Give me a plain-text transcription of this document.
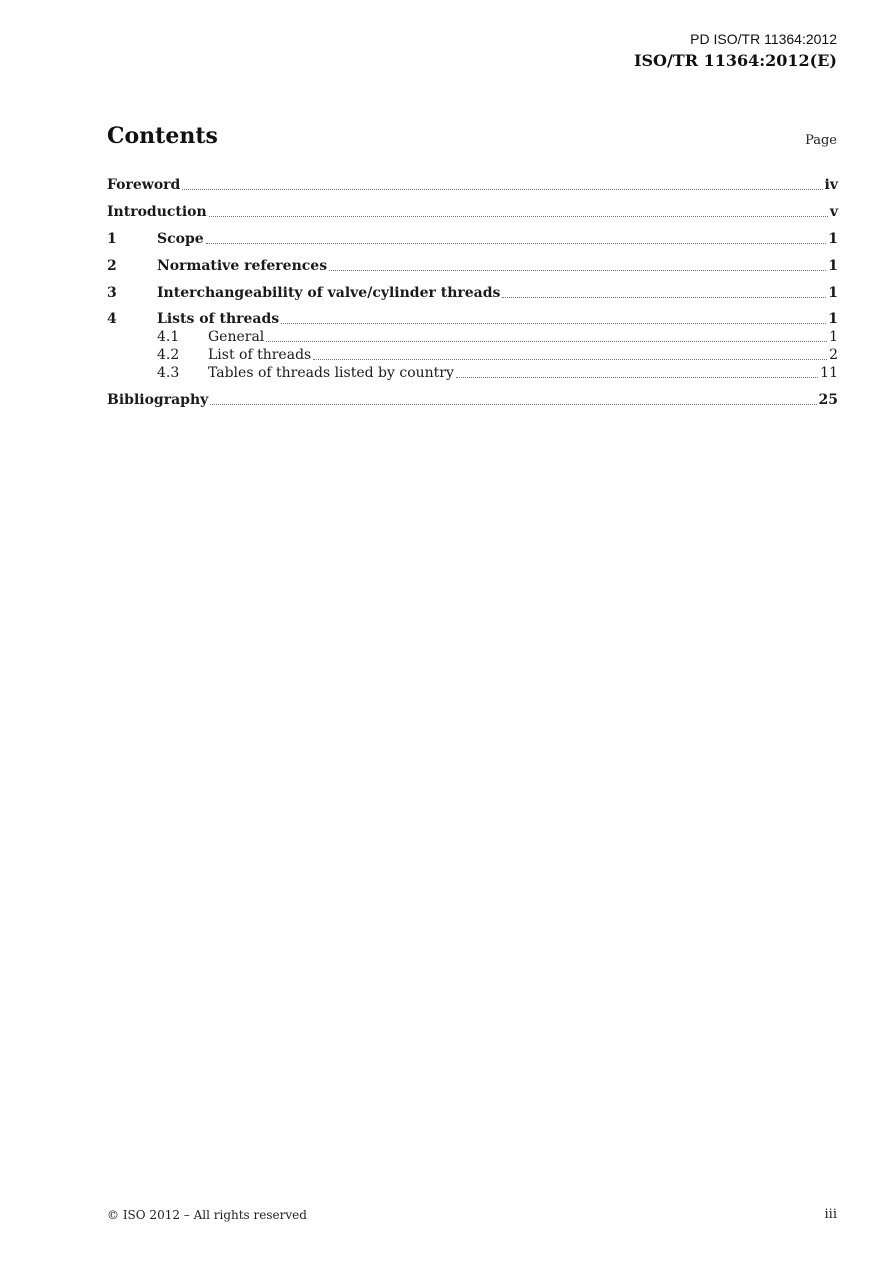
PD ISO/TR 11364:2012
ISO/TR 11364:2012(E)
Contents	Page
Foreword	iv
Introduction	v
1	Scope	1
2	Normative references	1
3	Interchangeability of valve/cylinder threads	1
4	Lists of threads	1
4.1	General	1
4.2	List of threads	2
4.3	Tables of threads listed by country	11
Bibliography	25
© ISO 2012 – All rights reserved	iii
